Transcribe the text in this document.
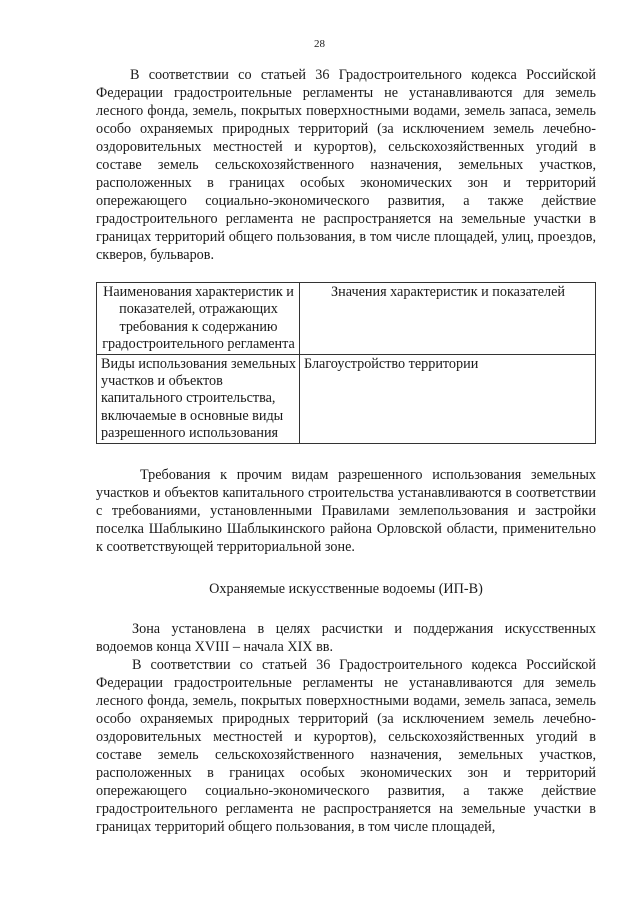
28

В соответствии со статьей 36 Градостроительного кодекса Российской Федерации градостроительные регламенты не устанавливаются для земель лесного фонда, земель, покрытых поверхностными водами, земель запаса, земель особо охраняемых природных территорий (за исключением земель лечебно-оздоровительных местностей и курортов), сельскохозяйственных угодий в составе земель сельскохозяйственного назначения, земельных участков, расположенных в границах особых экономических зон и территорий опережающего социально-экономического развития, а также действие градостроительного регламента не распространяется на земельные участки в границах территорий общего пользования, в том числе площадей, улиц, проездов, скверов, бульваров.

Наименования характеристик и показателей, отражающих требования к содержанию градостроительного регламента	Значения характеристик и показателей
Виды использования земельных участков и объектов капитального строительства, включаемые в основные виды разрешенного использования	Благоустройство территории

Требования к прочим видам разрешенного использования земельных участков и объектов капитального строительства устанавливаются в соответствии с требованиями, установленными Правилами землепользования и застройки поселка Шаблыкино Шаблыкинского района Орловской области, применительно к соответствующей территориальной зоне.

Охраняемые искусственные водоемы (ИП-В)

Зона установлена в целях расчистки и поддержания искусственных водоемов конца XVIII – начала XIX вв.

В соответствии со статьей 36 Градостроительного кодекса Российской Федерации градостроительные регламенты не устанавливаются для земель лесного фонда, земель, покрытых поверхностными водами, земель запаса, земель особо охраняемых природных территорий (за исключением земель лечебно-оздоровительных местностей и курортов), сельскохозяйственных угодий в составе земель сельскохозяйственного назначения, земельных участков, расположенных в границах особых экономических зон и территорий опережающего социально-экономического развития, а также действие градостроительного регламента не распространяется на земельные участки в границах территорий общего пользования, в том числе площадей,
